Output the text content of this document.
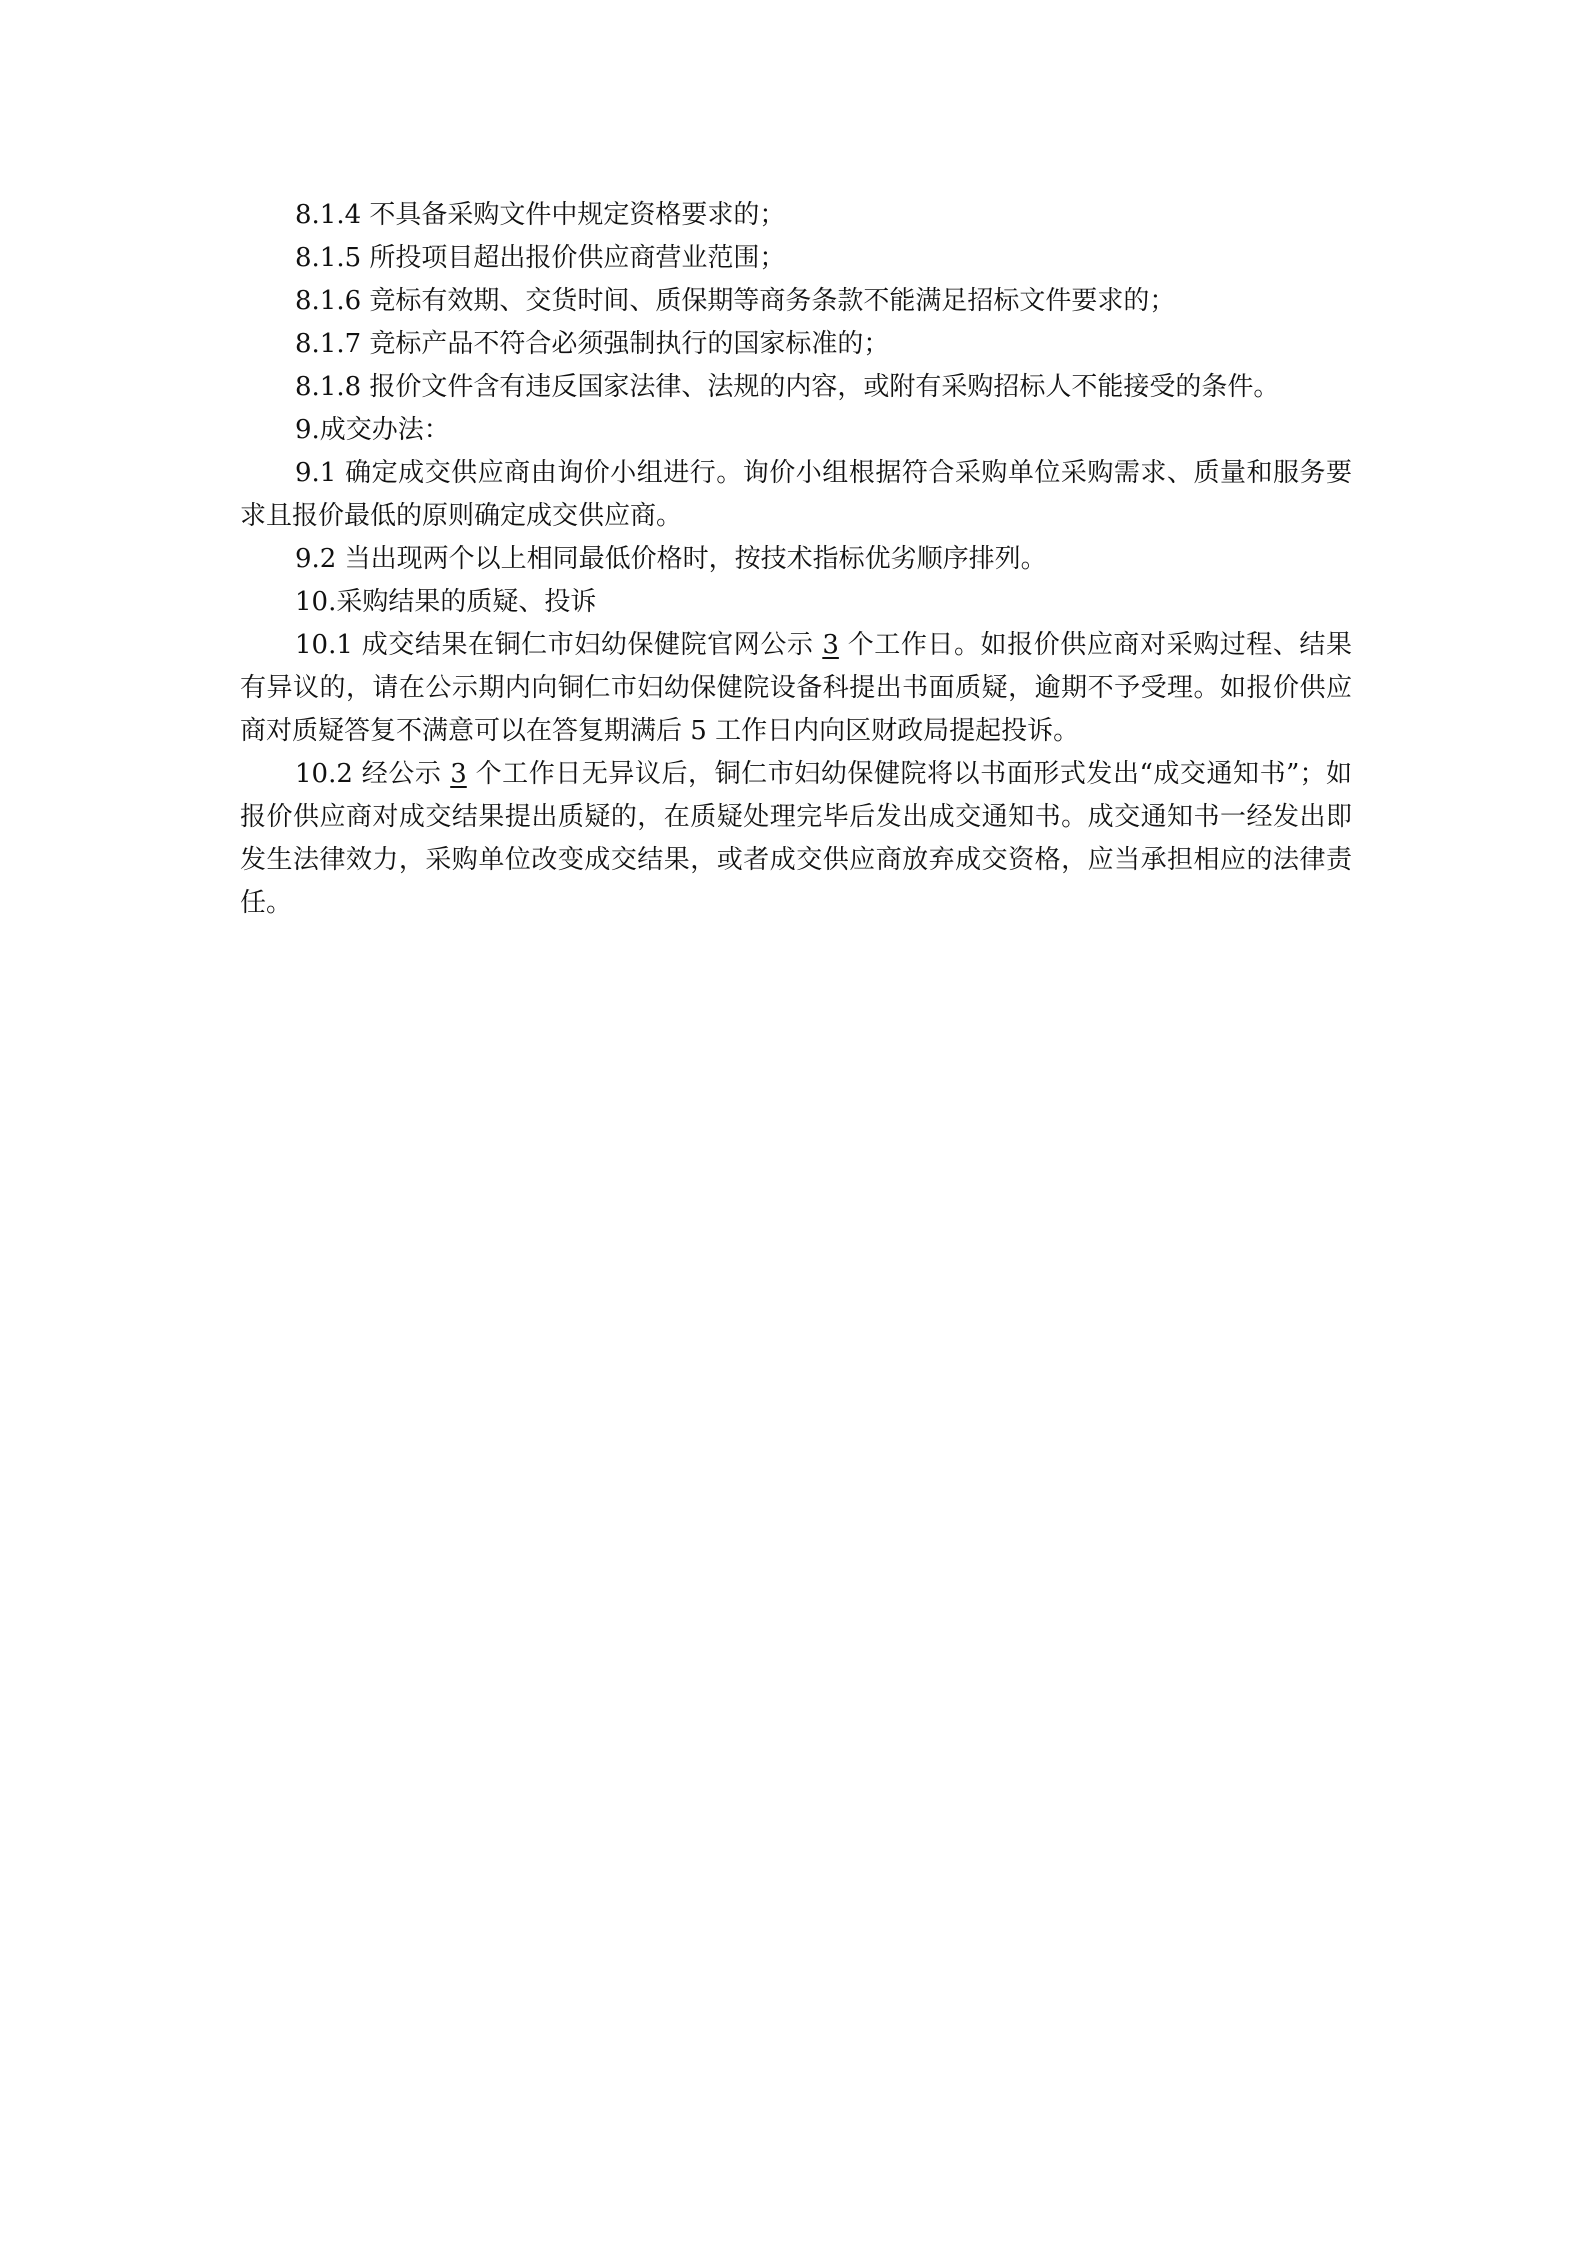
8.1.4 不具备采购文件中规定资格要求的；

8.1.5 所投项目超出报价供应商营业范围；

8.1.6 竞标有效期、交货时间、质保期等商务条款不能满足招标文件要求的；

8.1.7 竞标产品不符合必须强制执行的国家标准的；

8.1.8 报价文件含有违反国家法律、法规的内容，或附有采购招标人不能接受的条件。

9.成交办法：

9.1 确定成交供应商由询价小组进行。询价小组根据符合采购单位采购需求、质量和服务要求且报价最低的原则确定成交供应商。

9.2 当出现两个以上相同最低价格时，按技术指标优劣顺序排列。

10.采购结果的质疑、投诉

10.1 成交结果在铜仁市妇幼保健院官网公示 3 个工作日。如报价供应商对采购过程、结果有异议的，请在公示期内向铜仁市妇幼保健院设备科提出书面质疑，逾期不予受理。如报价供应商对质疑答复不满意可以在答复期满后 5 工作日内向区财政局提起投诉。

10.2 经公示 3 个工作日无异议后，铜仁市妇幼保健院将以书面形式发出“成交通知书”；如报价供应商对成交结果提出质疑的，在质疑处理完毕后发出成交通知书。成交通知书一经发出即发生法律效力，采购单位改变成交结果，或者成交供应商放弃成交资格，应当承担相应的法律责任。
